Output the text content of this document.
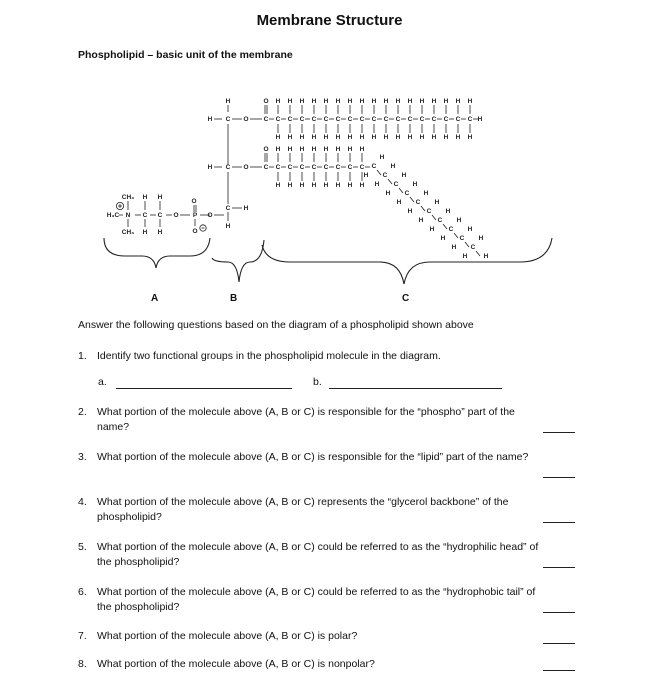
Membrane Structure
Phospholipid – basic unit of the membrane
H
H C O
H C O
C H
H
C
O
C
H
H
C
H
H
C
H
H
C
H
H
C
H
H
C
H
H
C
H
H
C
H
H
C
H
H
C
H
H
C
H
H
C
H
H
C
H
H
C
H
H
C
H
H
C
H
H
C
H
H
H
C
O
C
H
H
C
H
H
C
H
H
C
H
H
C
H
H
C
H
H
C
H
H
C
H
H
C
H
H C
H
H C
H
H C
H
H C
H
H C
H
H C
H
H C
H
H C
H
H C
H
H	H
O
P O
O
O
C
H
H
C
H
H
N
CH₃
CH₃
H₃C
A	B	C
Answer the following questions based on the diagram of a phospholipid shown above
1. Identify two functional groups in the phospholipid molecule in the diagram.
a.	b.
2. What portion of the molecule above (A, B or C) is responsible for the “phospho” part of the name?
3. What portion of the molecule above (A, B or C) is responsible for the “lipid” part of the name?
4. What portion of the molecule above (A, B or C) represents the “glycerol backbone” of the phospholipid?
5. What portion of the molecule above (A, B or C) could be referred to as the “hydrophilic head” of the phospholipid?
6. What portion of the molecule above (A, B or C) could be referred to as the “hydrophobic tail” of the phospholipid?
7. What portion of the molecule above (A, B or C) is polar?
8. What portion of the molecule above (A, B or C) is nonpolar?
